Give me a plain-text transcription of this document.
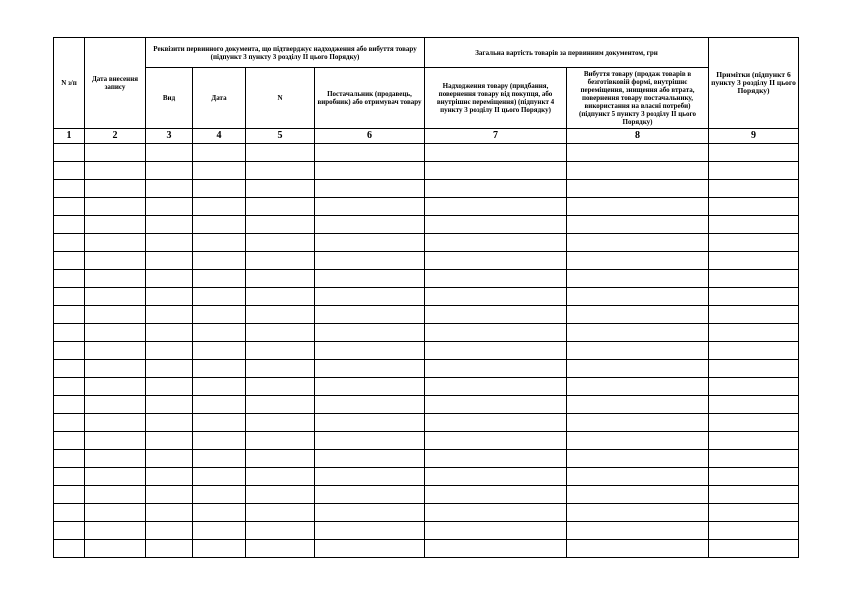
N з/п	Дата внесення запису	Реквізити первинного документа, що підтверджує надходження або вибуття товару (підпункт 3 пункту 3 розділу II цього Порядку)				Загальна вартість товарів за первинним документом, грн		Примітки (підпункт 6 пункту 3 розділу II цього Порядку)
		Вид	Дата	N	Постачальник (продавець, виробник) або отримувач товару	Надходження товару (придбання, повернення товару від покупця, або внутрішнє переміщення) (підпункт 4 пункту 3 розділу II цього Порядку)	Вибуття товару (продаж товарів в безготівковій формі, внутрішнє переміщення, знищення або втрата, повернення товару постачальнику, використання на власні потреби) (підпункт 5 пункту 3 розділу II цього Порядку)	
1	2	3	4	5	6	7	8	9
